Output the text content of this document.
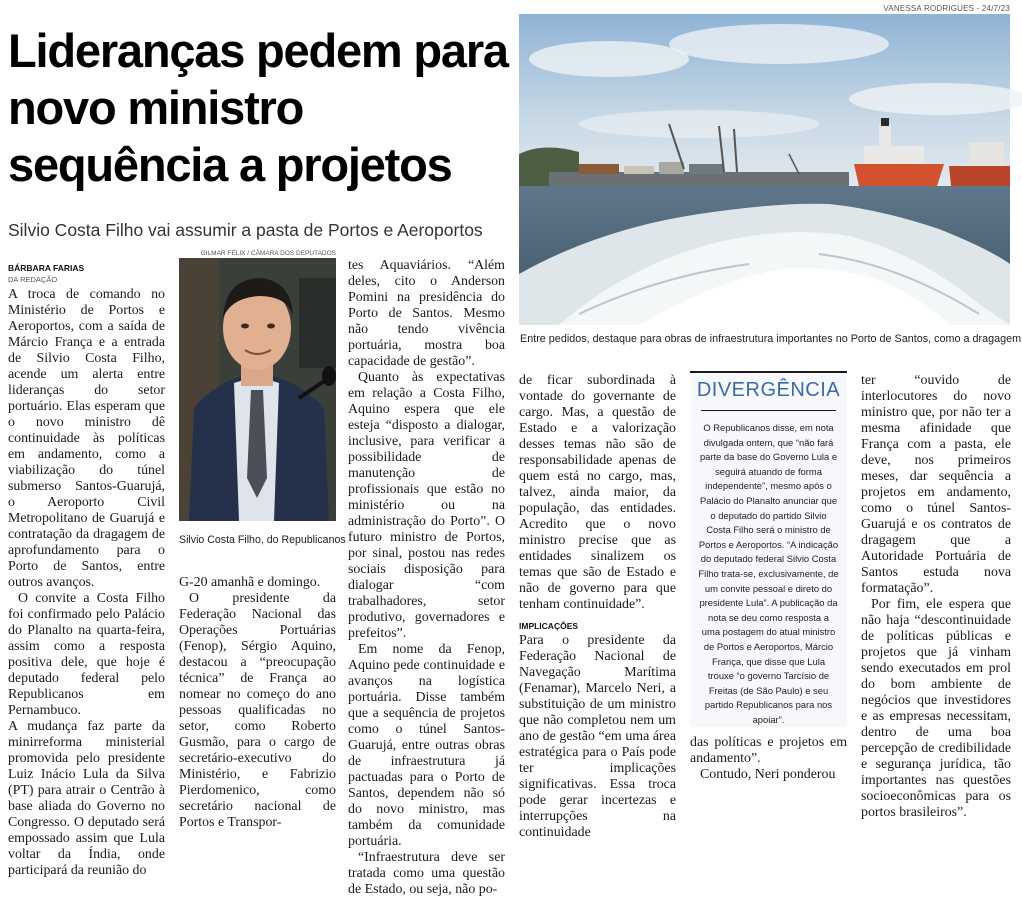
VANESSA RODRIGUES - 24/7/23
Lideranças pedem para novo ministro sequência a projetos
Silvio Costa Filho vai assumir a pasta de Portos e Aeroportos
Entre pedidos, destaque para obras de infraestrutura importantes no Porto de Santos, como a dragagem
GILMAR FÉLIX / CÂMARA DOS DEPUTADOS
Silvio Costa Filho, do Republicanos
BÁRBARA FARIAS
DA REDAÇÃO

A troca de comando no Ministério de Portos e Aeroportos, com a saída de Márcio França e a entrada de Silvio Costa Filho, acende um alerta entre lideranças do setor portuário. Elas esperam que o novo ministro dê continuidade às políticas em andamento, como a viabilização do túnel submerso Santos-Guarujá, o Aeroporto Civil Metropolitano de Guarujá e contratação da dragagem de aprofundamento para o Porto de Santos, entre outros avanços.

O convite a Costa Filho foi confirmado pelo Palácio do Planalto na quarta-feira, assim como a resposta positiva dele, que hoje é deputado federal pelo Republicanos em Pernambuco.

A mudança faz parte da minirreforma ministerial promovida pelo presidente Luiz Inácio Lula da Silva (PT) para atrair o Centrão à base aliada do Governo no Congresso. O deputado será empossado assim que Lula voltar da Índia, onde participará da reunião do

tes Aquaviários. “Além deles, cito o Anderson Pomini na presidência do Porto de Santos. Mesmo não tendo vivência portuária, mostra boa capacidade de gestão”.

Quanto às expectativas em relação a Costa Filho, Aquino espera que ele esteja “disposto a dialogar, inclusive, para verificar a possibilidade de manutenção de profissionais que estão no ministério ou na administração do Porto”. O futuro ministro de Portos, por sinal, postou nas redes sociais disposição para dialogar “com trabalhadores, setor produtivo, governadores e prefeitos”.

Em nome da Fenop, Aquino pede continuidade e avanços na logística portuária. Disse também que a sequência de projetos como o túnel Santos-Guarujá, entre outras obras de infraestrutura já pactuadas para o Porto de Santos, dependem não só do novo ministro, mas também da comunidade portuária.

“Infraestrutura deve ser tratada como uma questão de Estado, ou seja, não po-

G-20 amanhã e domingo.

O presidente da Federação Nacional das Operações Portuárias (Fenop), Sérgio Aquino, destacou a “preocupação técnica” de França ao nomear no começo do ano pessoas qualificadas no setor, como Roberto Gusmão, para o cargo de secretário-executivo do Ministério, e Fabrizio Pierdomenico, como secretário nacional de Portos e Transpor-

de ficar subordinada à vontade do governante de cargo. Mas, a questão de Estado e a valorização desses temas não são de responsabilidade apenas de quem está no cargo, mas, talvez, ainda maior, da população, das entidades. Acredito que o novo ministro precise que as entidades sinalizem os temas que são de Estado e não de governo para que tenham continuidade”.

IMPLICAÇÕES

Para o presidente da Federação Nacional de Navegação Marítima (Fenamar), Marcelo Neri, a substituição de um ministro que não completou nem um ano de gestão “em uma área estratégica para o País pode ter implicações significativas. Essa troca pode gerar incertezas e interrupções na continuidade

DIVERGÊNCIA
O Republicanos disse, em nota divulgada ontem, que “não fará parte da base do Governo Lula e seguirá atuando de forma independente”, mesmo após o Palácio do Planalto anunciar que o deputado do partido Silvio Costa Filho será o ministro de Portos e Aeroportos. “A indicação do deputado federal Silvio Costa Filho trata-se, exclusivamente, de um convite pessoal e direto do presidente Lula”. A publicação da nota se deu como resposta a uma postagem do atual ministro de Portos e Aeroportos, Márcio França, que disse que Lula trouxe “o governo Tarcísio de Freitas (de São Paulo) e seu partido Republicanos para nos apoiar”.

das políticas e projetos em andamento”.

Contudo, Neri ponderou

ter “ouvido de interlocutores do novo ministro que, por não ter a mesma afinidade que França com a pasta, ele deve, nos primeiros meses, dar sequência a projetos em andamento, como o túnel Santos-Guarujá e os contratos de dragagem que a Autoridade Portuária de Santos estuda nova formatação”.

Por fim, ele espera que não haja “descontinuidade de políticas públicas e projetos que já vinham sendo executados em prol do bom ambiente de negócios que investidores e as empresas necessitam, dentro de uma boa percepção de credibilidade e segurança jurídica, tão importantes nas questões socioeconômicas para os portos brasileiros”.
